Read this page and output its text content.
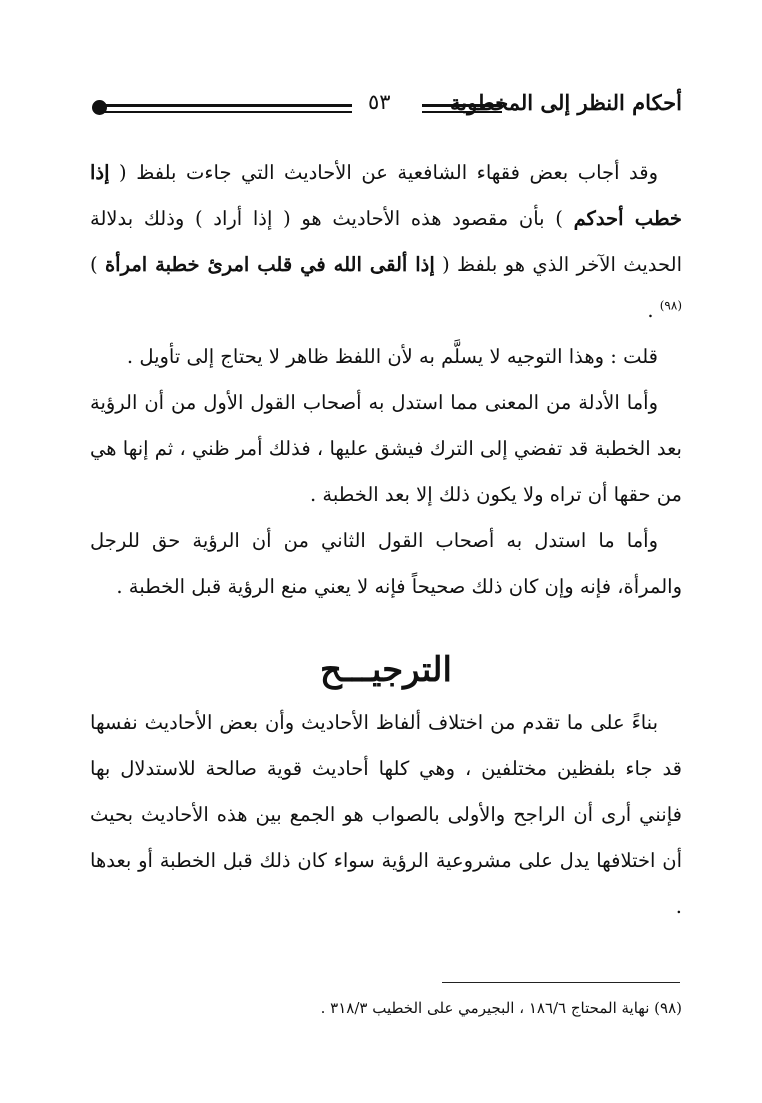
٥٣	أحكام النظر إلى المخطوبة

وقد أجاب بعض فقهاء الشافعية عن الأحاديث التي جاءت بلفظ ( إذا خطب أحدكم ) بأن مقصود هذه الأحاديث هو ( إذا أراد ) وذلك بدلالة الحديث الآخر الذي هو بلفظ ( إذا ألقى الله في قلب امرئ خطبة امرأة )$^{(٩٨)}$ .

قلت : وهذا التوجيه لا يسلَّم به لأن اللفظ ظاهر لا يحتاج إلى تأويل .

وأما الأدلة من المعنى مما استدل به أصحاب القول الأول من أن الرؤية بعد الخطبة قد تفضي إلى الترك فيشق عليها ، فذلك أمر ظني ، ثم إنها هي من حقها أن تراه ولا يكون ذلك إلا بعد الخطبة .

وأما ما استدل به أصحاب القول الثاني من أن الرؤية حق للرجل والمرأة، فإنه وإن كان ذلك صحيحاً فإنه لا يعني منع الرؤية قبل الخطبة .

الترجيـــح

بناءً على ما تقدم من اختلاف ألفاظ الأحاديث وأن بعض الأحاديث نفسها قد جاء بلفظين مختلفين ، وهي كلها أحاديث قوية صالحة للاستدلال بها فإنني أرى أن الراجح والأولى بالصواب هو الجمع بين هذه الأحاديث بحيث أن اختلافها يدل على مشروعية الرؤية سواء كان ذلك قبل الخطبة أو بعدها .

(٩٨) نهاية المحتاج ١٨٦/٦ ، البجيرمي على الخطيب ٣١٨/٣ .
